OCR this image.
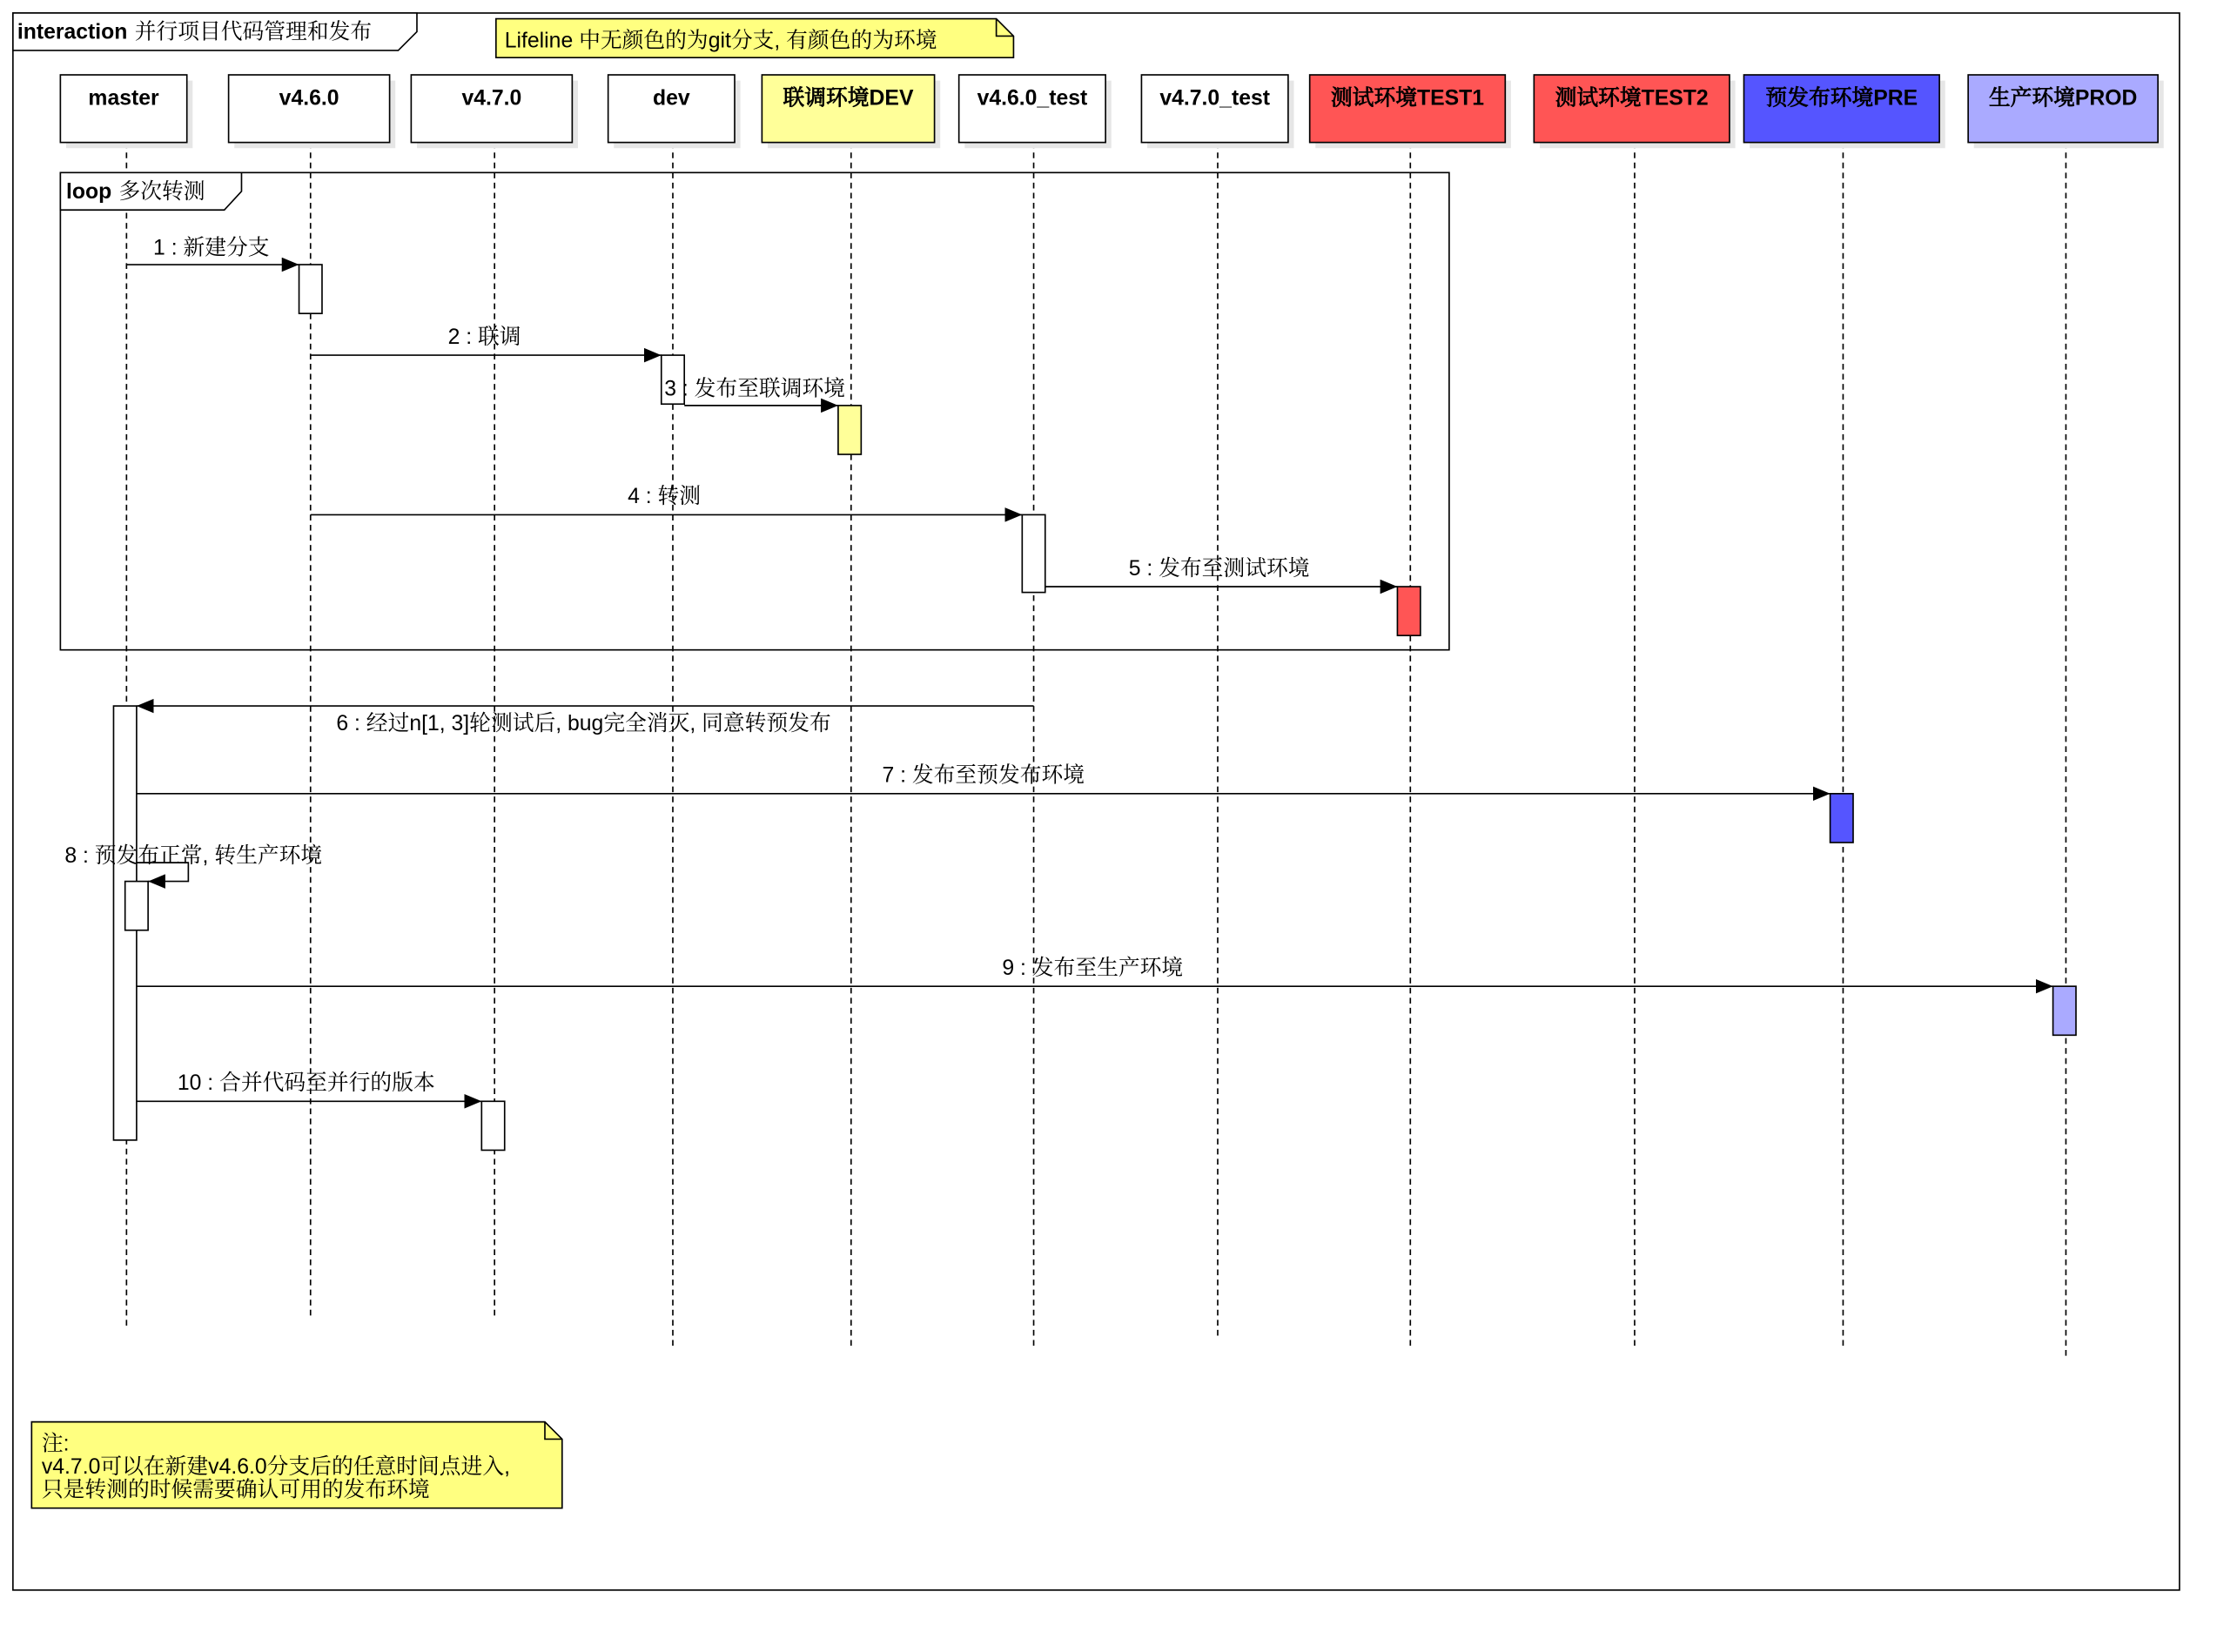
interaction 并行项目代码管理和发布	Lifeline 中无颜色的为git分支, 有颜色的为环境
master	v4.6.0	v4.7.0	dev	联调环境DEV	v4.6.0_test	v4.7.0_test	测试环境TEST1	测试环境TEST2	预发布环境PRE	生产环境PROD
loop 多次转测
1 : 新建分支
2 : 联调
3 : 发布至联调环境
4 : 转测
5 : 发布至测试环境
6 : 经过n[1, 3]轮测试后, bug完全消灭, 同意转预发布
7 : 发布至预发布环境
8 : 预发布正常, 转生产环境
9 : 发布至生产环境
10 : 合并代码至并行的版本
注:
v4.7.0可以在新建v4.6.0分支后的任意时间点进入,
只是转测的时候需要确认可用的发布环境
